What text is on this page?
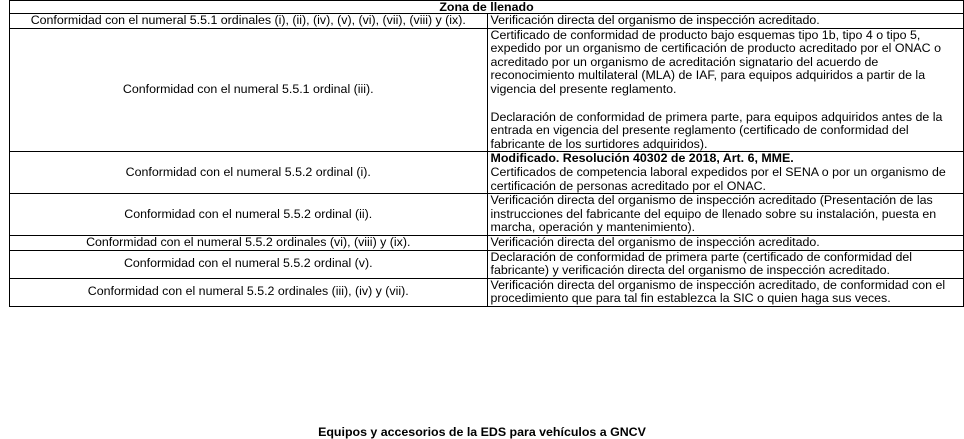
Zona de llenado	
Conformidad con el numeral 5.5.1 ordinales (i), (ii), (iv), (v), (vi), (vii), (viii) y (ix).	Verificación directa del organismo de inspección acreditado.

Conformidad con el numeral 5.5.1 ordinal (iii).	Certificado de conformidad de producto bajo esquemas tipo 1b, tipo 4 o tipo 5, expedido por un organismo de certificación de producto acreditado por el ONAC o acreditado por un organismo de acreditación signatario del acuerdo de reconocimiento multilateral (MLA) de IAF, para equipos adquiridos a partir de la vigencia del presente reglamento.

Declaración de conformidad de primera parte, para equipos adquiridos antes de la entrada en vigencia del presente reglamento (certificado de conformidad del fabricante de los surtidores adquiridos).

Conformidad con el numeral 5.5.2 ordinal (i).	Modificado. Resolución 40302 de 2018, Art. 6, MME.

Certificados de competencia laboral expedidos por el SENA o por un organismo de certificación de personas acreditado por el ONAC.

Conformidad con el numeral 5.5.2 ordinal (ii).	Verificación directa del organismo de inspección acreditado (Presentación de las instrucciones del fabricante del equipo de llenado sobre su instalación, puesta en marcha, operación y mantenimiento).

Conformidad con el numeral 5.5.2 ordinales (vi), (viii) y (ix).	Verificación directa del organismo de inspección acreditado.

Conformidad con el numeral 5.5.2 ordinal (v).	Declaración de conformidad de primera parte (certificado de conformidad del fabricante) y verificación directa del organismo de inspección acreditado.

Conformidad con el numeral 5.5.2 ordinales (iii), (iv) y (vii).	Verificación directa del organismo de inspección acreditado, de conformidad con el procedimiento que para tal fin establezca la SIC o quien haga sus veces.

Equipos y accesorios de la EDS para vehículos a GNCV
